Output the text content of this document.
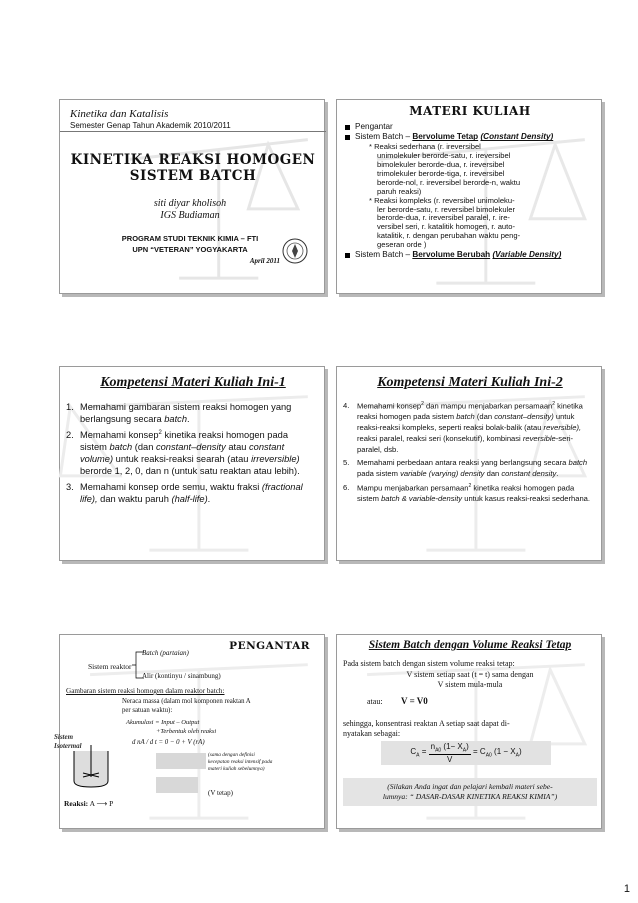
Kinetika dan Katalisis
Semester Genap Tahun Akademik 2010/2011
KINETIKA REAKSI HOMOGEN
SISTEM BATCH
siti diyar kholisoh
IGS Budiaman
PROGRAM STUDI TEKNIK KIMIA – FTI
UPN “VETERAN” YOGYAKARTA
April 2011
MATERI KULIAH
Pengantar
Sistem Batch – Bervolume Tetap (Constant Density)
* Reaksi sederhana (r. ireversibel
unimolekuler berorde-satu, r. ireversibel
bimolekuler berorde-dua, r. ireversibel
trimolekuler berorde-tiga, r. ireversibel
berorde-nol, r. ireversibel berorde-n, waktu
paruh reaksi)
* Reaksi kompleks (r. reversibel unimoleku-
ler berorde-satu, r. reversibel bimolekuler
berorde-dua, r. ireversibel paralel, r. ire-
versibel seri, r. katalitik homogen, r. auto-
katalitik, r. dengan perubahan waktu peng-
geseran orde )
Sistem Batch – Bervolume Berubah (Variable Density)
Kompetensi Materi Kuliah Ini-1
1. Memahami gambaran sistem reaksi homogen yang berlangsung secara batch.
2. Memahami konsep$^2$ kinetika reaksi homogen pada sistem batch (dan constant–density atau constant volume) untuk reaksi-reaksi searah (atau irreversible) berorde 1, 2, 0, dan n (untuk satu reaktan atau lebih).
3. Memahami konsep orde semu, waktu fraksi (fractional life), dan waktu paruh (half-life).
Kompetensi Materi Kuliah Ini-2
4.	Memahami konsep$^2$ dan mampu menjabarkan persamaan$^2$ kinetika reaksi homogen pada sistem batch (dan constant–density) untuk reaksi-reaksi kompleks, seperti reaksi bolak-balik (atau reversible), reaksi paralel, reaksi seri (konsekutif), kombinasi reversible-seri-paralel, dsb.
5.	Memahami perbedaan antara reaksi yang berlangsung secara batch pada sistem variable (varying) density dan constant density.
6.	Mampu menjabarkan persamaan$^2$ kinetika reaksi homogen pada sistem batch & variable-density untuk kasus reaksi-reaksi sederhana.
PENGANTAR
Batch (partaian)
Sistem reaktor
Alir (kontinyu / sinambung)
Gambaran sistem reaksi homogen dalam reaktor batch:
Neraca massa (dalam mol komponen reaktan A
per satuan waktu):
Akumulasi = Input – Output
+Terbentuk oleh reaksi
Sistem
Isotermal	d nA / d t = 0 − 0 + V (rA)
(sama dengan definisi
kecepatan reaksi intensif pada
materi kuliah sebelumnya)
(V tetap)
Reaksi: A ⟶ P
Sistem Batch dengan Volume Reaksi Tetap
Pada sistem batch dengan sistem volume reaksi tetap:
V sistem setiap saat (t = t) sama dengan
V sistem mula-mula
atau: V = V0
sehingga, konsentrasi reaktan A setiap saat dapat di-
nyatakan sebagai:
$C_A = \frac{n_{A0} (1- X_A)}{V} = C_{A0}$ $(1 - X_A)$
(Silakan Anda ingat dan pelajari kembali materi sebe-
lumnya: “ DASAR-DASAR KINETIKA REAKSI KIMIA”)
1
